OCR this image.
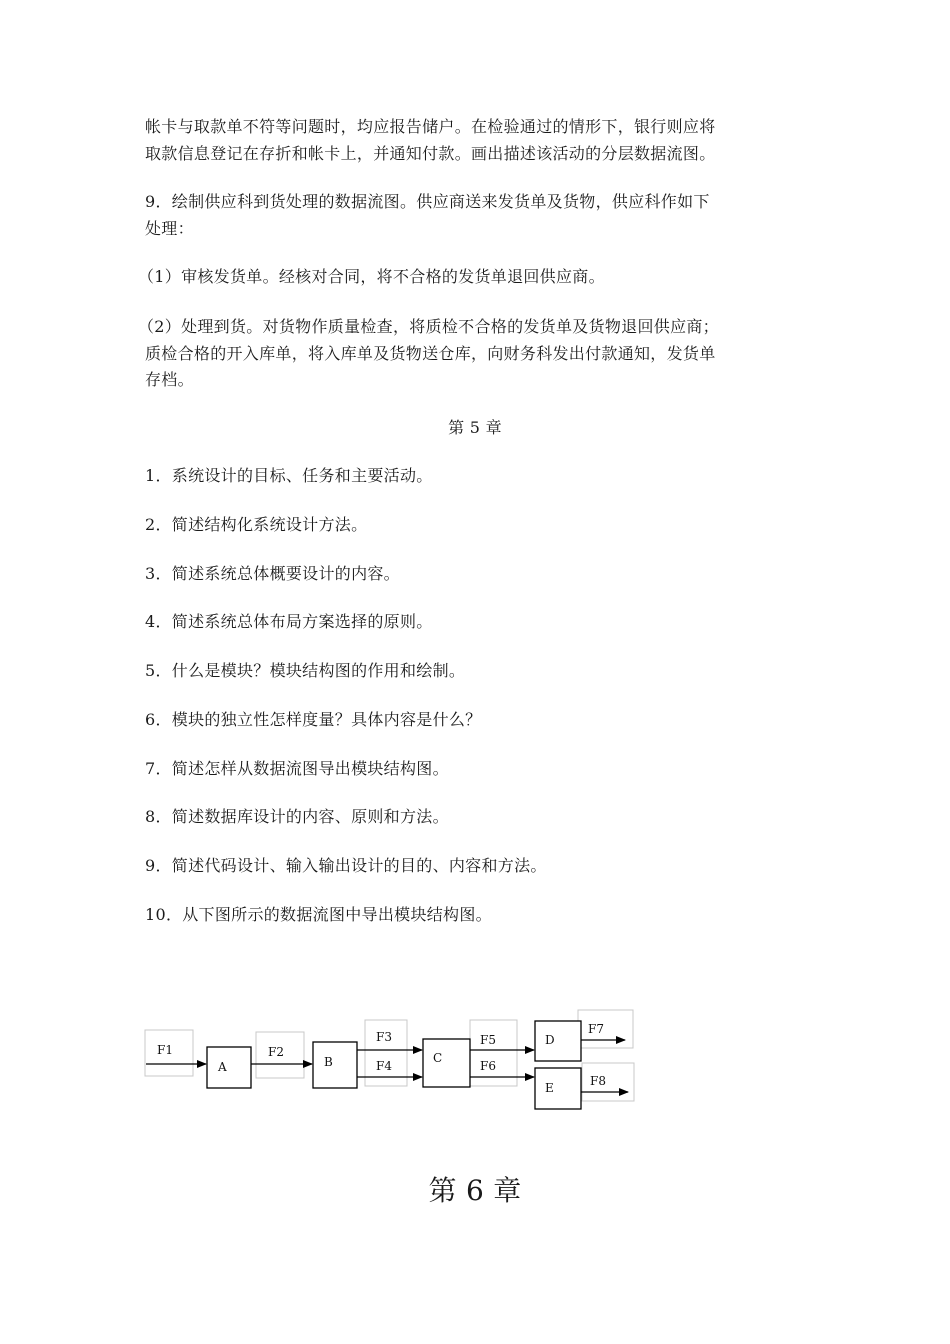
帐卡与取款单不符等问题时，均应报告储户。在检验通过的情形下，银行则应将
取款信息登记在存折和帐卡上，并通知付款。画出描述该活动的分层数据流图。
9．绘制供应科到货处理的数据流图。供应商送来发货单及货物，供应科作如下
处理：
（1）审核发货单。经核对合同，将不合格的发货单退回供应商。
（2）处理到货。对货物作质量检查，将质检不合格的发货单及货物退回供应商；
质检合格的开入库单，将入库单及货物送仓库，向财务科发出付款通知，发货单
存档。
第 5 章
1．系统设计的目标、任务和主要活动。
2．简述结构化系统设计方法。
3．简述系统总体概要设计的内容。
4．简述系统总体布局方案选择的原则。
5．什么是模块？模块结构图的作用和绘制。
6．模块的独立性怎样度量？具体内容是什么？
7．简述怎样从数据流图导出模块结构图。
8．简述数据库设计的内容、原则和方法。
9．简述代码设计、输入输出设计的目的、内容和方法。
10．从下图所示的数据流图中导出模块结构图。
A	B	C
D
E
F1	F2
F3
F4
F5
F6
F7
F8
第 6 章
